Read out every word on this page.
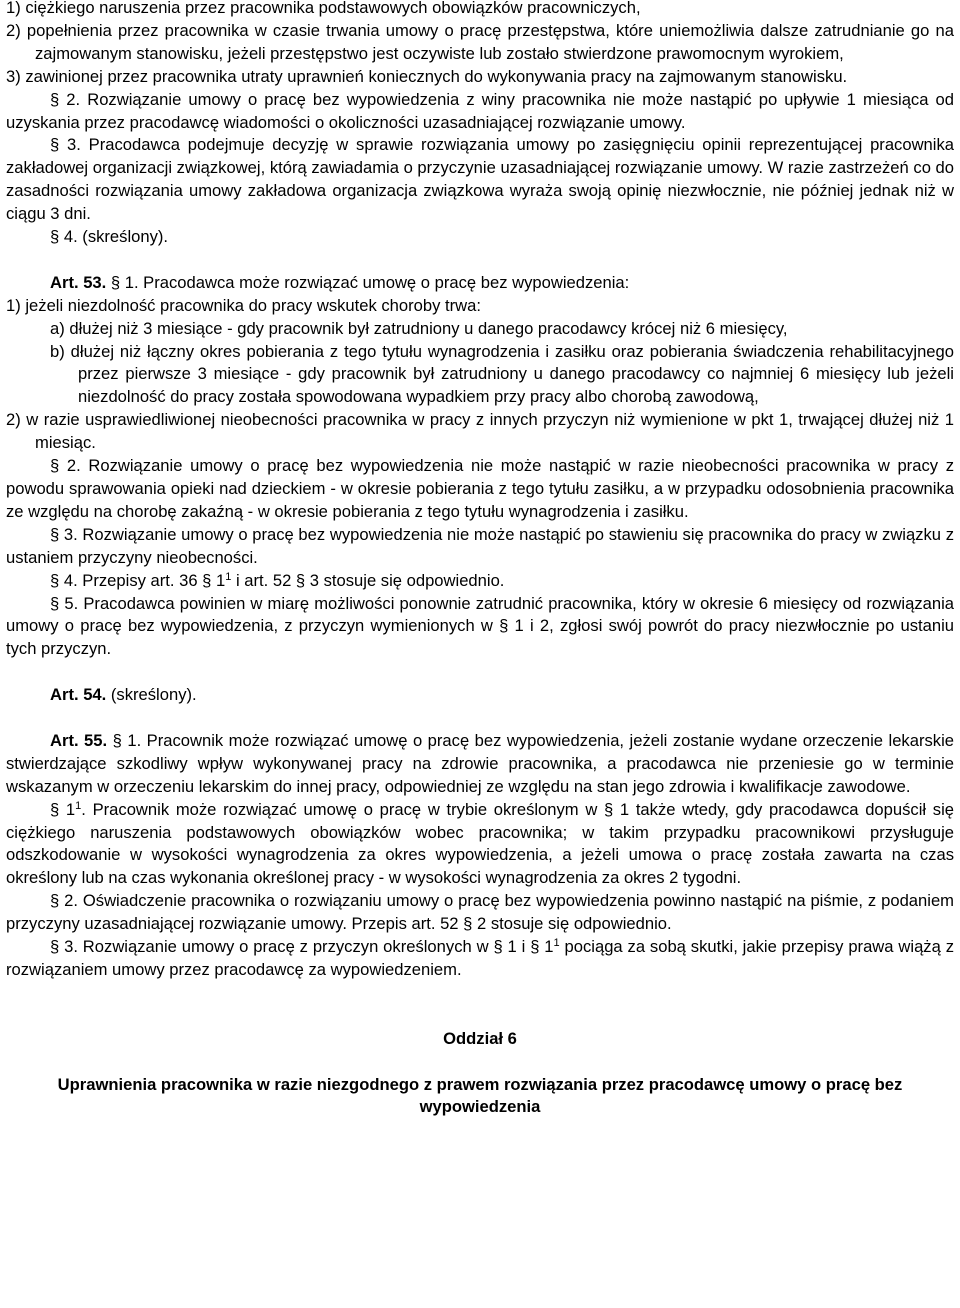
1) ciężkiego naruszenia przez pracownika podstawowych obowiązków pracowniczych,

2) popełnienia przez pracownika w czasie trwania umowy o pracę przestępstwa, które uniemożliwia dalsze zatrudnianie go na zajmowanym stanowisku, jeżeli przestępstwo jest oczywiste lub zostało stwierdzone prawomocnym wyrokiem,

3) zawinionej przez pracownika utraty uprawnień koniecznych do wykonywania pracy na zajmowanym stanowisku.

§ 2. Rozwiązanie umowy o pracę bez wypowiedzenia z winy pracownika nie może nastąpić po upływie 1 miesiąca od uzyskania przez pracodawcę wiadomości o okoliczności uzasadniającej rozwiązanie umowy.

§ 3. Pracodawca podejmuje decyzję w sprawie rozwiązania umowy po zasięgnięciu opinii reprezentującej pracownika zakładowej organizacji związkowej, którą zawiadamia o przyczynie uzasadniającej rozwiązanie umowy. W razie zastrzeżeń co do zasadności rozwiązania umowy zakładowa organizacja związkowa wyraża swoją opinię niezwłocznie, nie później jednak niż w ciągu 3 dni.

§ 4. (skreślony).

Art. 53. § 1. Pracodawca może rozwiązać umowę o pracę bez wypowiedzenia:

1) jeżeli niezdolność pracownika do pracy wskutek choroby trwa:

a) dłużej niż 3 miesiące - gdy pracownik był zatrudniony u danego pracodawcy krócej niż 6 miesięcy,

b) dłużej niż łączny okres pobierania z tego tytułu wynagrodzenia i zasiłku oraz pobierania świadczenia rehabilitacyjnego przez pierwsze 3 miesiące - gdy pracownik był zatrudniony u danego pracodawcy co najmniej 6 miesięcy lub jeżeli niezdolność do pracy została spowodowana wypadkiem przy pracy albo chorobą zawodową,

2) w razie usprawiedliwionej nieobecności pracownika w pracy z innych przyczyn niż wymienione w pkt 1, trwającej dłużej niż 1 miesiąc.

§ 2. Rozwiązanie umowy o pracę bez wypowiedzenia nie może nastąpić w razie nieobecności pracownika w pracy z powodu sprawowania opieki nad dzieckiem - w okresie pobierania z tego tytułu zasiłku, a w przypadku odosobnienia pracownika ze względu na chorobę zakaźną - w okresie pobierania z tego tytułu wynagrodzenia i zasiłku.

§ 3. Rozwiązanie umowy o pracę bez wypowiedzenia nie może nastąpić po stawieniu się pracownika do pracy w związku z ustaniem przyczyny nieobecności.

§ 4. Przepisy art. 36 § $1^1$ i art. 52 § 3 stosuje się odpowiednio.

§ 5. Pracodawca powinien w miarę możliwości ponownie zatrudnić pracownika, który w okresie 6 miesięcy od rozwiązania umowy o pracę bez wypowiedzenia, z przyczyn wymienionych w § 1 i 2, zgłosi swój powrót do pracy niezwłocznie po ustaniu tych przyczyn.

Art. 54. (skreślony).

Art. 55. § 1. Pracownik może rozwiązać umowę o pracę bez wypowiedzenia, jeżeli zostanie wydane orzeczenie lekarskie stwierdzające szkodliwy wpływ wykonywanej pracy na zdrowie pracownika, a pracodawca nie przeniesie go w terminie wskazanym w orzeczeniu lekarskim do innej pracy, odpowiedniej ze względu na stan jego zdrowia i kwalifikacje zawodowe.

§ $1^1$. Pracownik może rozwiązać umowę o pracę w trybie określonym w § 1 także wtedy, gdy pracodawca dopuścił się ciężkiego naruszenia podstawowych obowiązków wobec pracownika; w takim przypadku pracownikowi przysługuje odszkodowanie w wysokości wynagrodzenia za okres wypowiedzenia, a jeżeli umowa o pracę została zawarta na czas określony lub na czas wykonania określonej pracy - w wysokości wynagrodzenia za okres 2 tygodni.

§ 2. Oświadczenie pracownika o rozwiązaniu umowy o pracę bez wypowiedzenia powinno nastąpić na piśmie, z podaniem przyczyny uzasadniającej rozwiązanie umowy. Przepis art. 52 § 2 stosuje się odpowiednio.

§ 3. Rozwiązanie umowy o pracę z przyczyn określonych w § 1 i § $1^1$ pociąga za sobą skutki, jakie przepisy prawa wiążą z rozwiązaniem umowy przez pracodawcę za wypowiedzeniem.

Oddział 6

Uprawnienia pracownika w razie niezgodnego z prawem rozwiązania przez pracodawcę umowy o pracę bez wypowiedzenia
